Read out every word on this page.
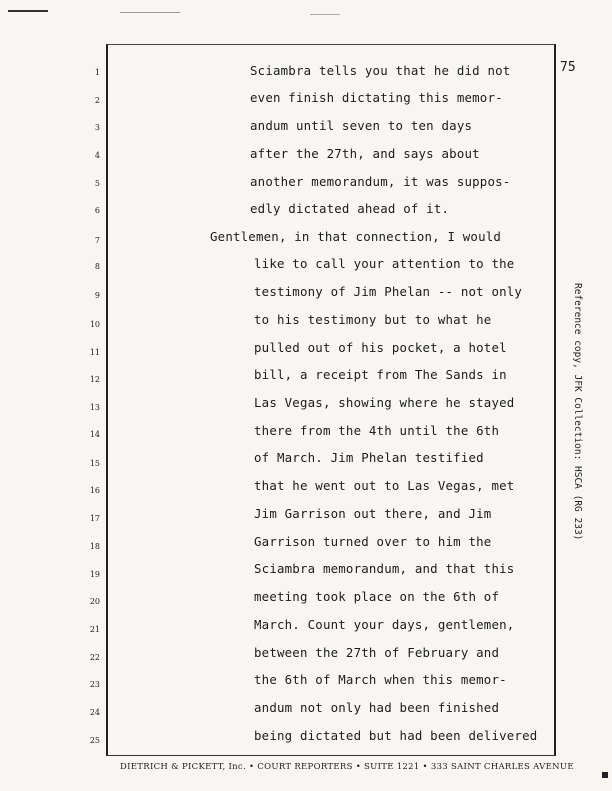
75
1	Sciambra tells you that he did not
2	even finish dictating this memor-
3	andum until seven to ten days
4	after the 27th, and says about
5	another memorandum, it was suppos-
6	edly dictated ahead of it.
7	Gentlemen, in that connection, I would
8	like to call your attention to the
9	testimony of Jim Phelan -- not only
10	to his testimony but to what he
11	pulled out of his pocket, a hotel
12	bill, a receipt from The Sands in
13	Las Vegas, showing where he stayed
14	there from the 4th until the 6th
15	of March. Jim Phelan testified
16	that he went out to Las Vegas, met
17	Jim Garrison out there, and Jim
18	Garrison turned over to him the
19	Sciambra memorandum, and that this
20	meeting took place on the 6th of
21	March. Count your days, gentlemen,
22	between the 27th of February and
23	the 6th of March when this memor-
24	andum not only had been finished
25	being dictated but had been delivered
Reference copy, JFK Collection: HSCA (RG 233)
DIETRICH & PICKETT, Inc. • COURT REPORTERS • SUITE 1221 • 333 SAINT CHARLES AVENUE
